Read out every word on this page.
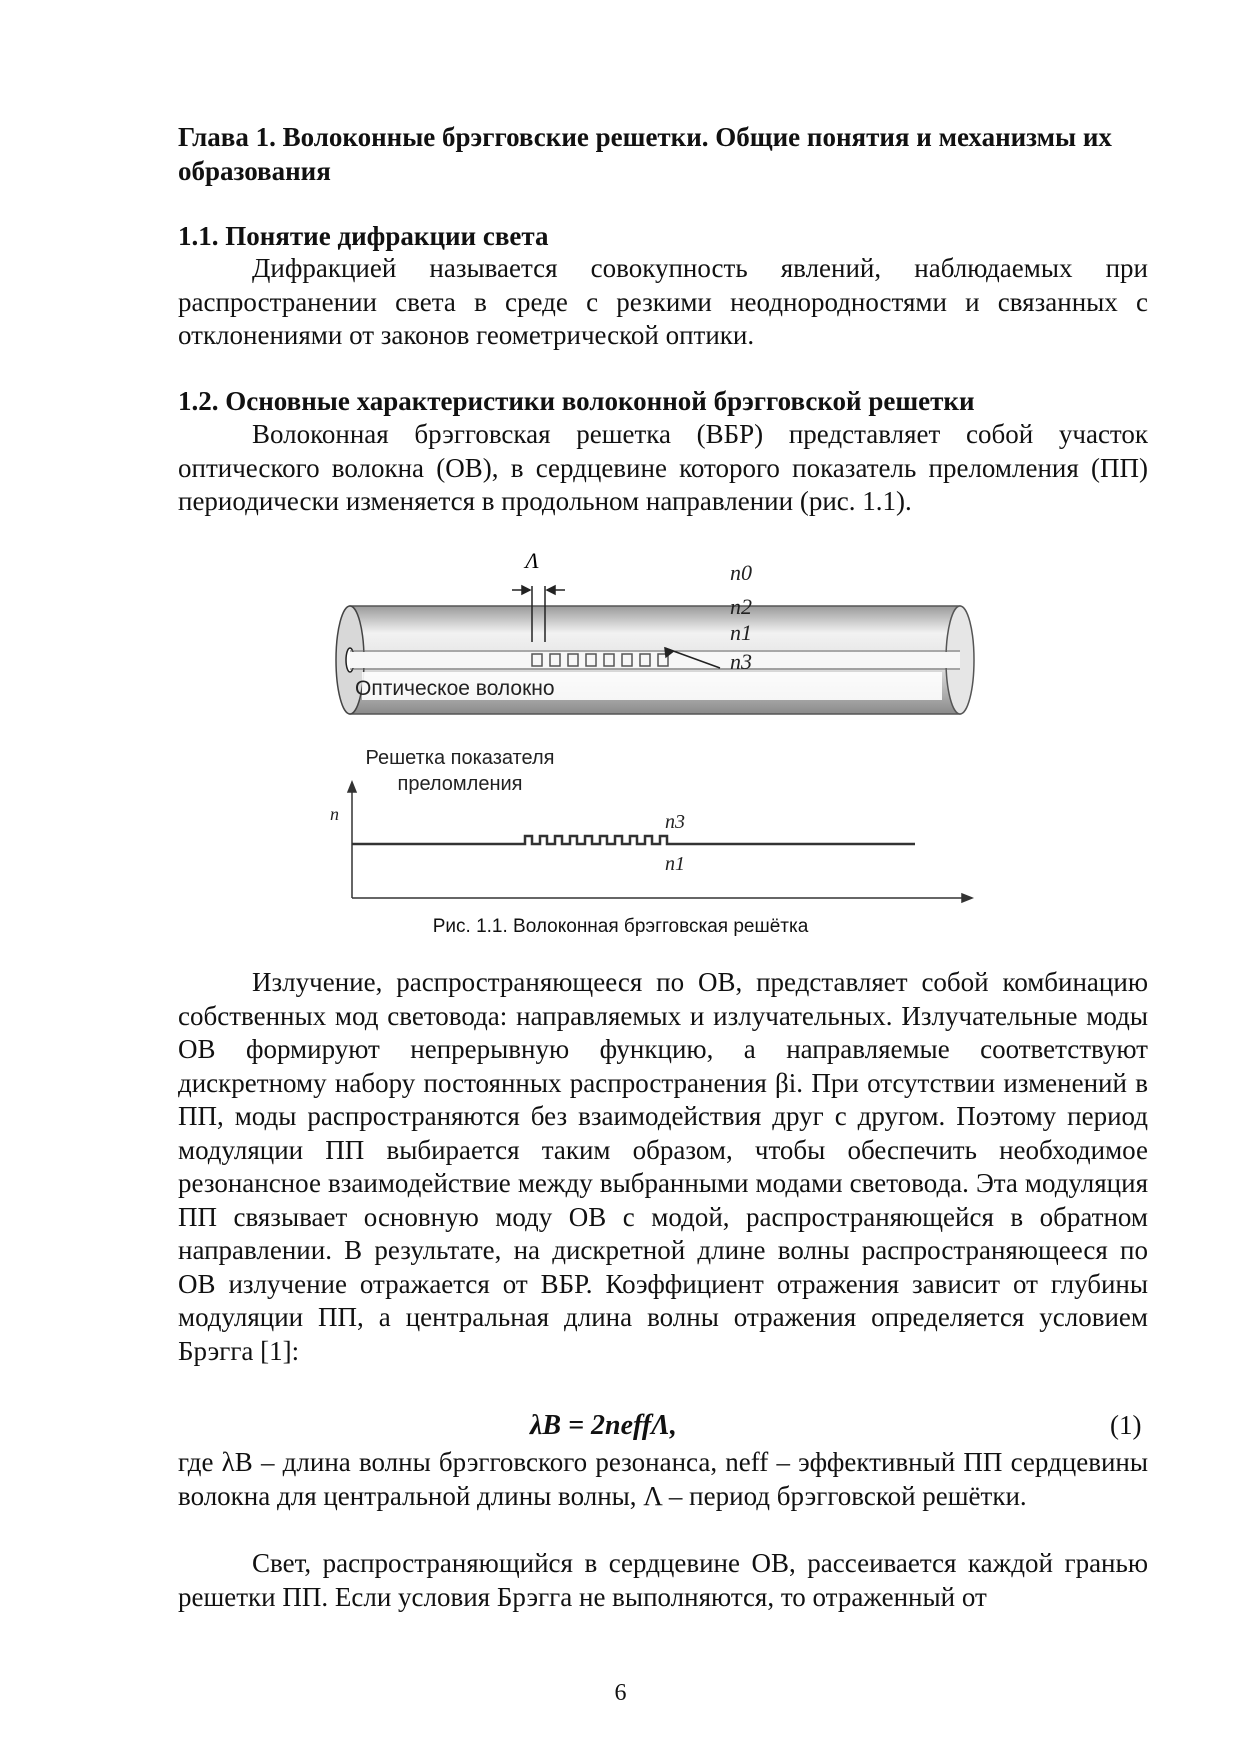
Глава 1. Волоконные брэгговские решетки. Общие понятия и механизмы их образования
1.1. Понятие дифракции света

Дифракцией называется совокупность явлений, наблюдаемых при распространении света в среде с резкими неоднородностями и связанных с отклонениями от законов геометрической оптики.

1.2. Основные характеристики волоконной брэгговской решетки

Волоконная брэгговская решетка (ВБР) представляет собой участок оптического волокна (ОВ), в сердцевине которого показатель преломления (ПП) периодически изменяется в продольном направлении (рис. 1.1).

Λ	n0
n2
n1
n3
Оптическое волокно
Решетка показателя
преломления
n	n3
n1
Рис. 1.1. Волоконная брэгговская решётка

Излучение, распространяющееся по ОВ, представляет собой комбинацию собственных мод световода: направляемых и излучательных. Излучательные моды ОВ формируют непрерывную функцию, а направляемые соответствуют дискретному набору постоянных распространения βi. При отсутствии изменений в ПП, моды распространяются без взаимодействия друг с другом. Поэтому период модуляции ПП выбирается таким образом, чтобы обеспечить необходимое резонансное взаимодействие между выбранными модами световода. Эта модуляция ПП связывает основную моду ОВ с модой, распространяющейся в обратном направлении. В результате, на дискретной длине волны распространяющееся по ОВ излучение отражается от ВБР. Коэффициент отражения зависит от глубины модуляции ПП, а центральная длина волны отражения определяется условием Брэгга [1]:

λB = 2neffΛ,	(1)

где λB – длина волны брэгговского резонанса, neff – эффективный ПП сердцевины волокна для центральной длины волны, Λ – период брэгговской решётки.

Свет, распространяющийся в сердцевине ОВ, рассеивается каждой гранью решетки ПП. Если условия Брэгга не выполняются, то отраженный от

6
